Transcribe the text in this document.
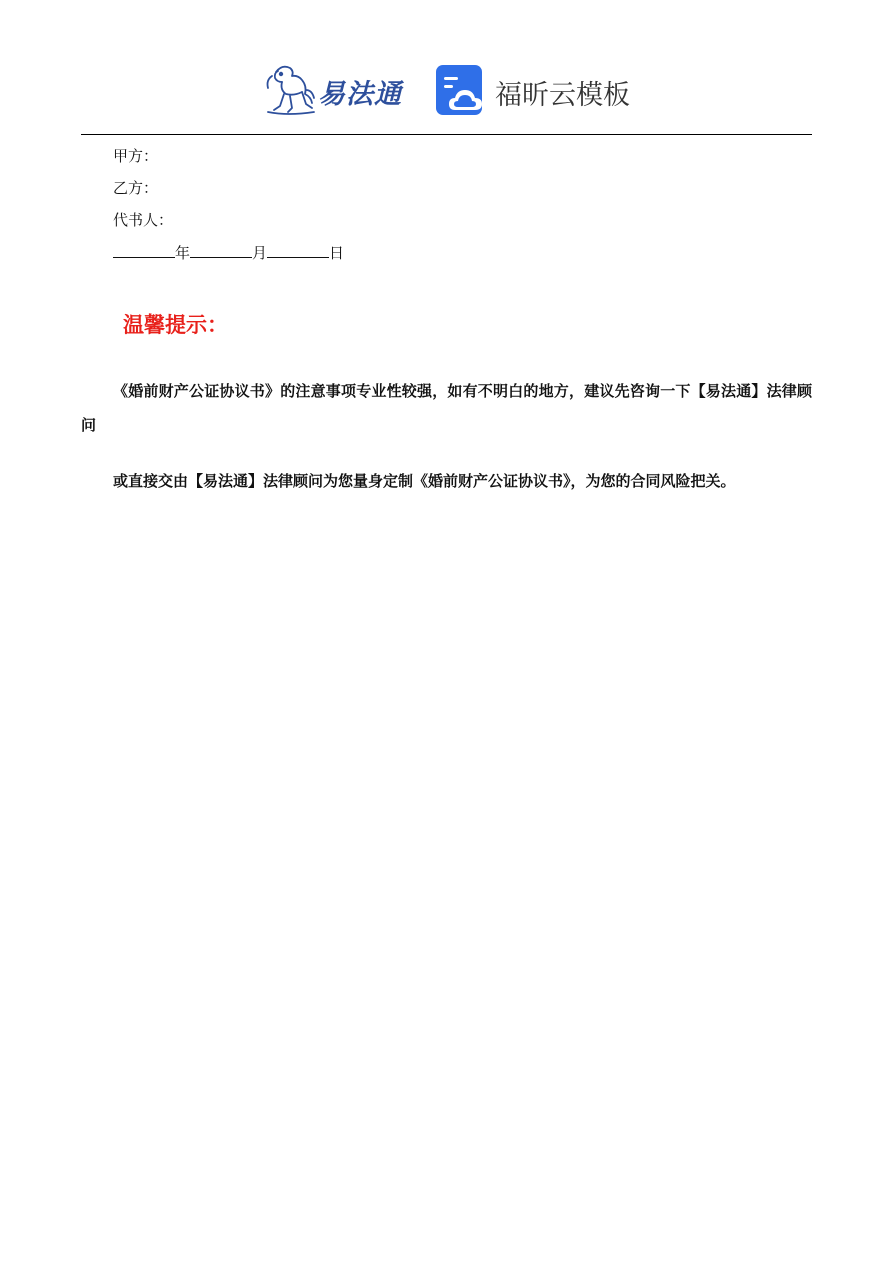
易法通	福昕云模板
甲方：
乙方：
代书人：
年	月	日
温馨提示：
《婚前财产公证协议书》的注意事项专业性较强，如有不明白的地方，建议先咨询一下【易法通】法律顾问
或直接交由【易法通】法律顾问为您量身定制《婚前财产公证协议书》，为您的合同风险把关。
